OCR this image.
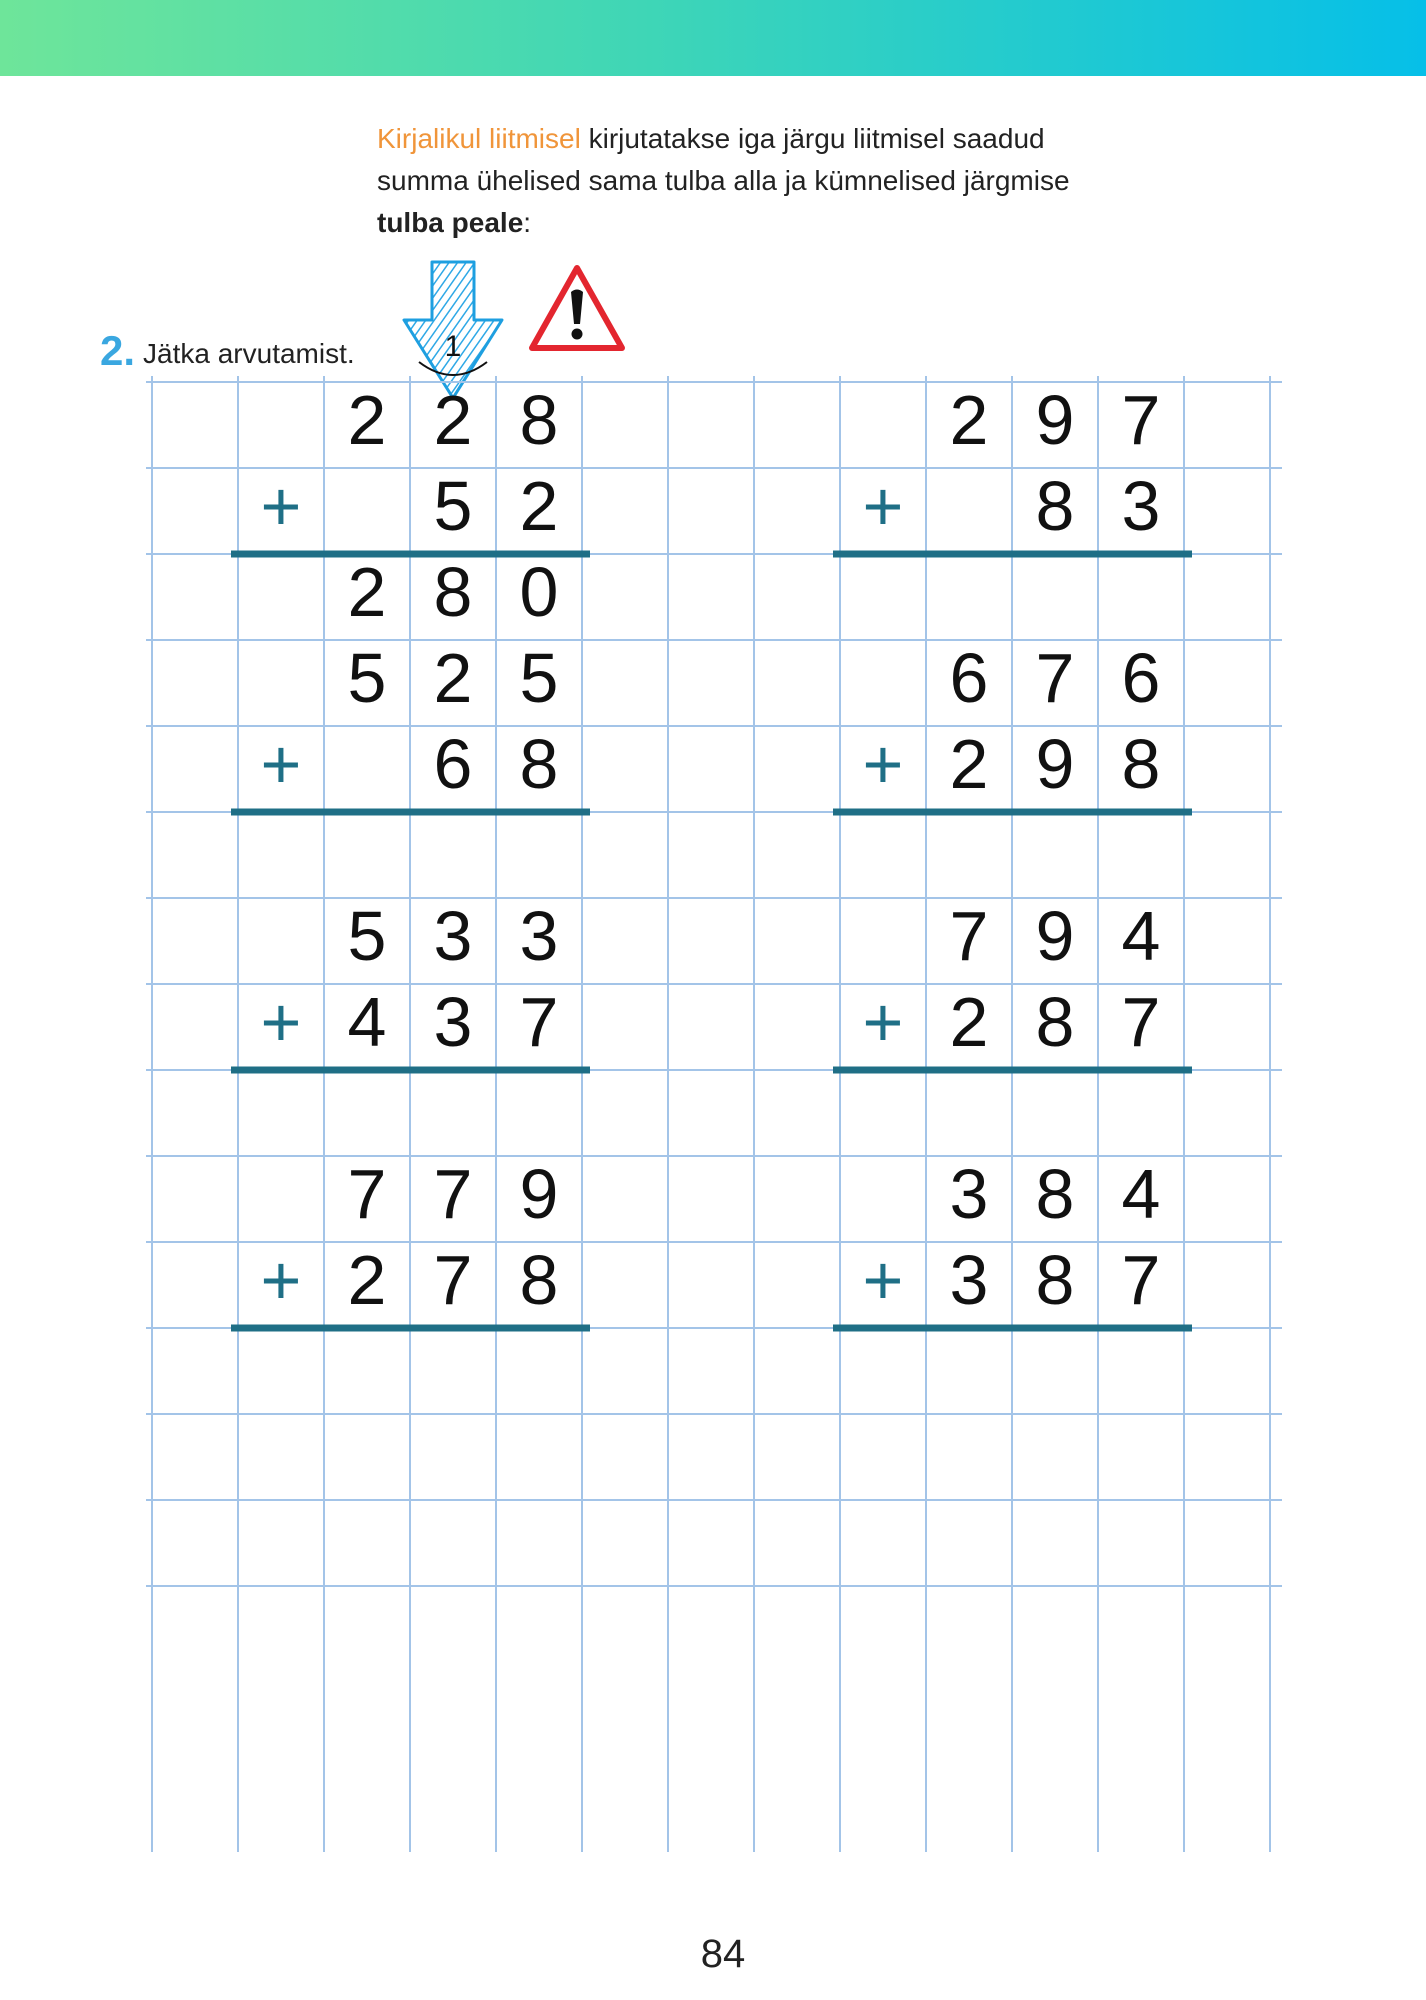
Kirjalikul liitmisel kirjutatakse iga järgu liitmisel saadud summa ühelised sama tulba alla ja kümnelised järgmise tulba peale:
2. Jätka arvutamist.
2 2
5
8
2
+
2 8 0
1
2 9
8
7
3
+
5 2
6
5
8
+
6
2
7
9
6
8
+
5
4
3
3
3
7
+
7
2
9
8
4
7
+
7
2
7
7
9
8
+
3
3
8
8
4
7
+
84
